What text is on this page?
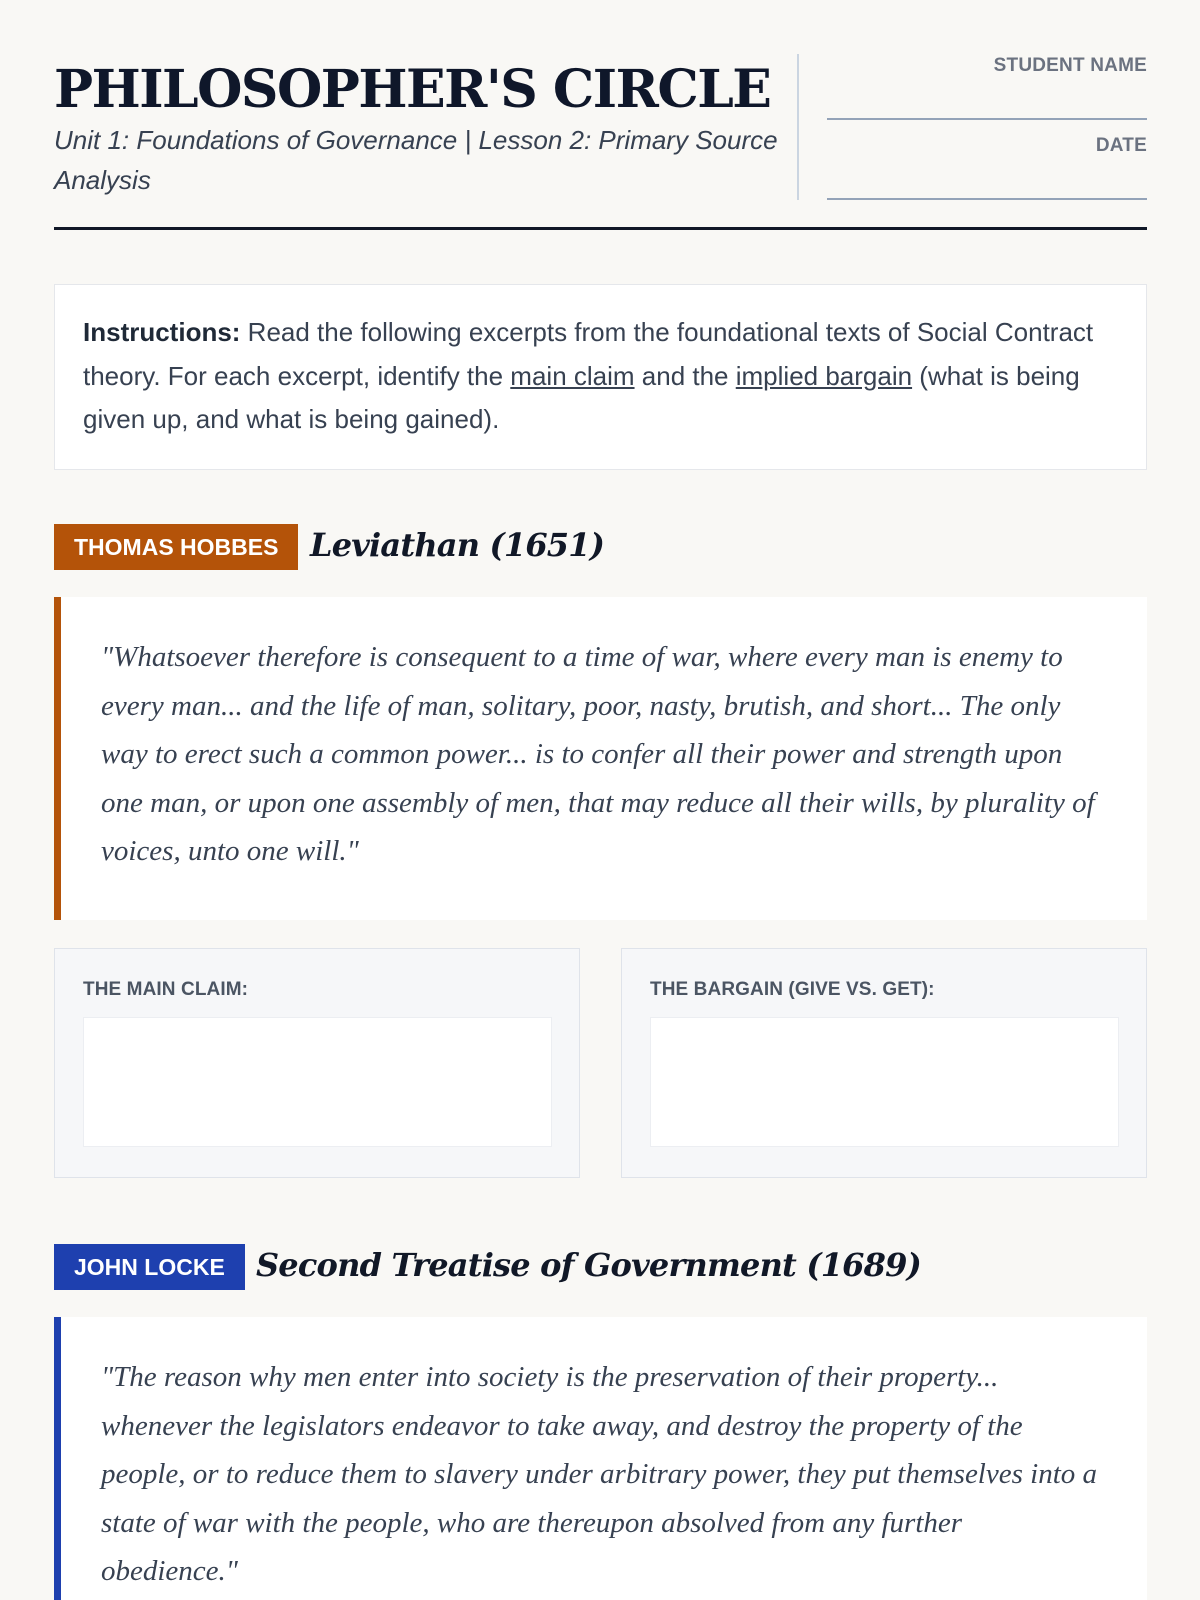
PHILOSOPHER'S CIRCLE
Unit 1: Foundations of Governance | Lesson 2: Primary Source Analysis
STUDENT NAME
DATE
Instructions: Read the following excerpts from the foundational texts of Social Contract theory. For each excerpt, identify the main claim and the implied bargain (what is being given up, and what is being gained).
THOMAS HOBBES Leviathan (1651)
"Whatsoever therefore is consequent to a time of war, where every man is enemy to every man... and the life of man, solitary, poor, nasty, brutish, and short... The only way to erect such a common power... is to confer all their power and strength upon one man, or upon one assembly of men, that may reduce all their wills, by plurality of voices, unto one will."
THE MAIN CLAIM:	THE BARGAIN (GIVE VS. GET):
JOHN LOCKE Second Treatise of Government (1689)
"The reason why men enter into society is the preservation of their property... whenever the legislators endeavor to take away, and destroy the property of the people, or to reduce them to slavery under arbitrary power, they put themselves into a state of war with the people, who are thereupon absolved from any further obedience."
